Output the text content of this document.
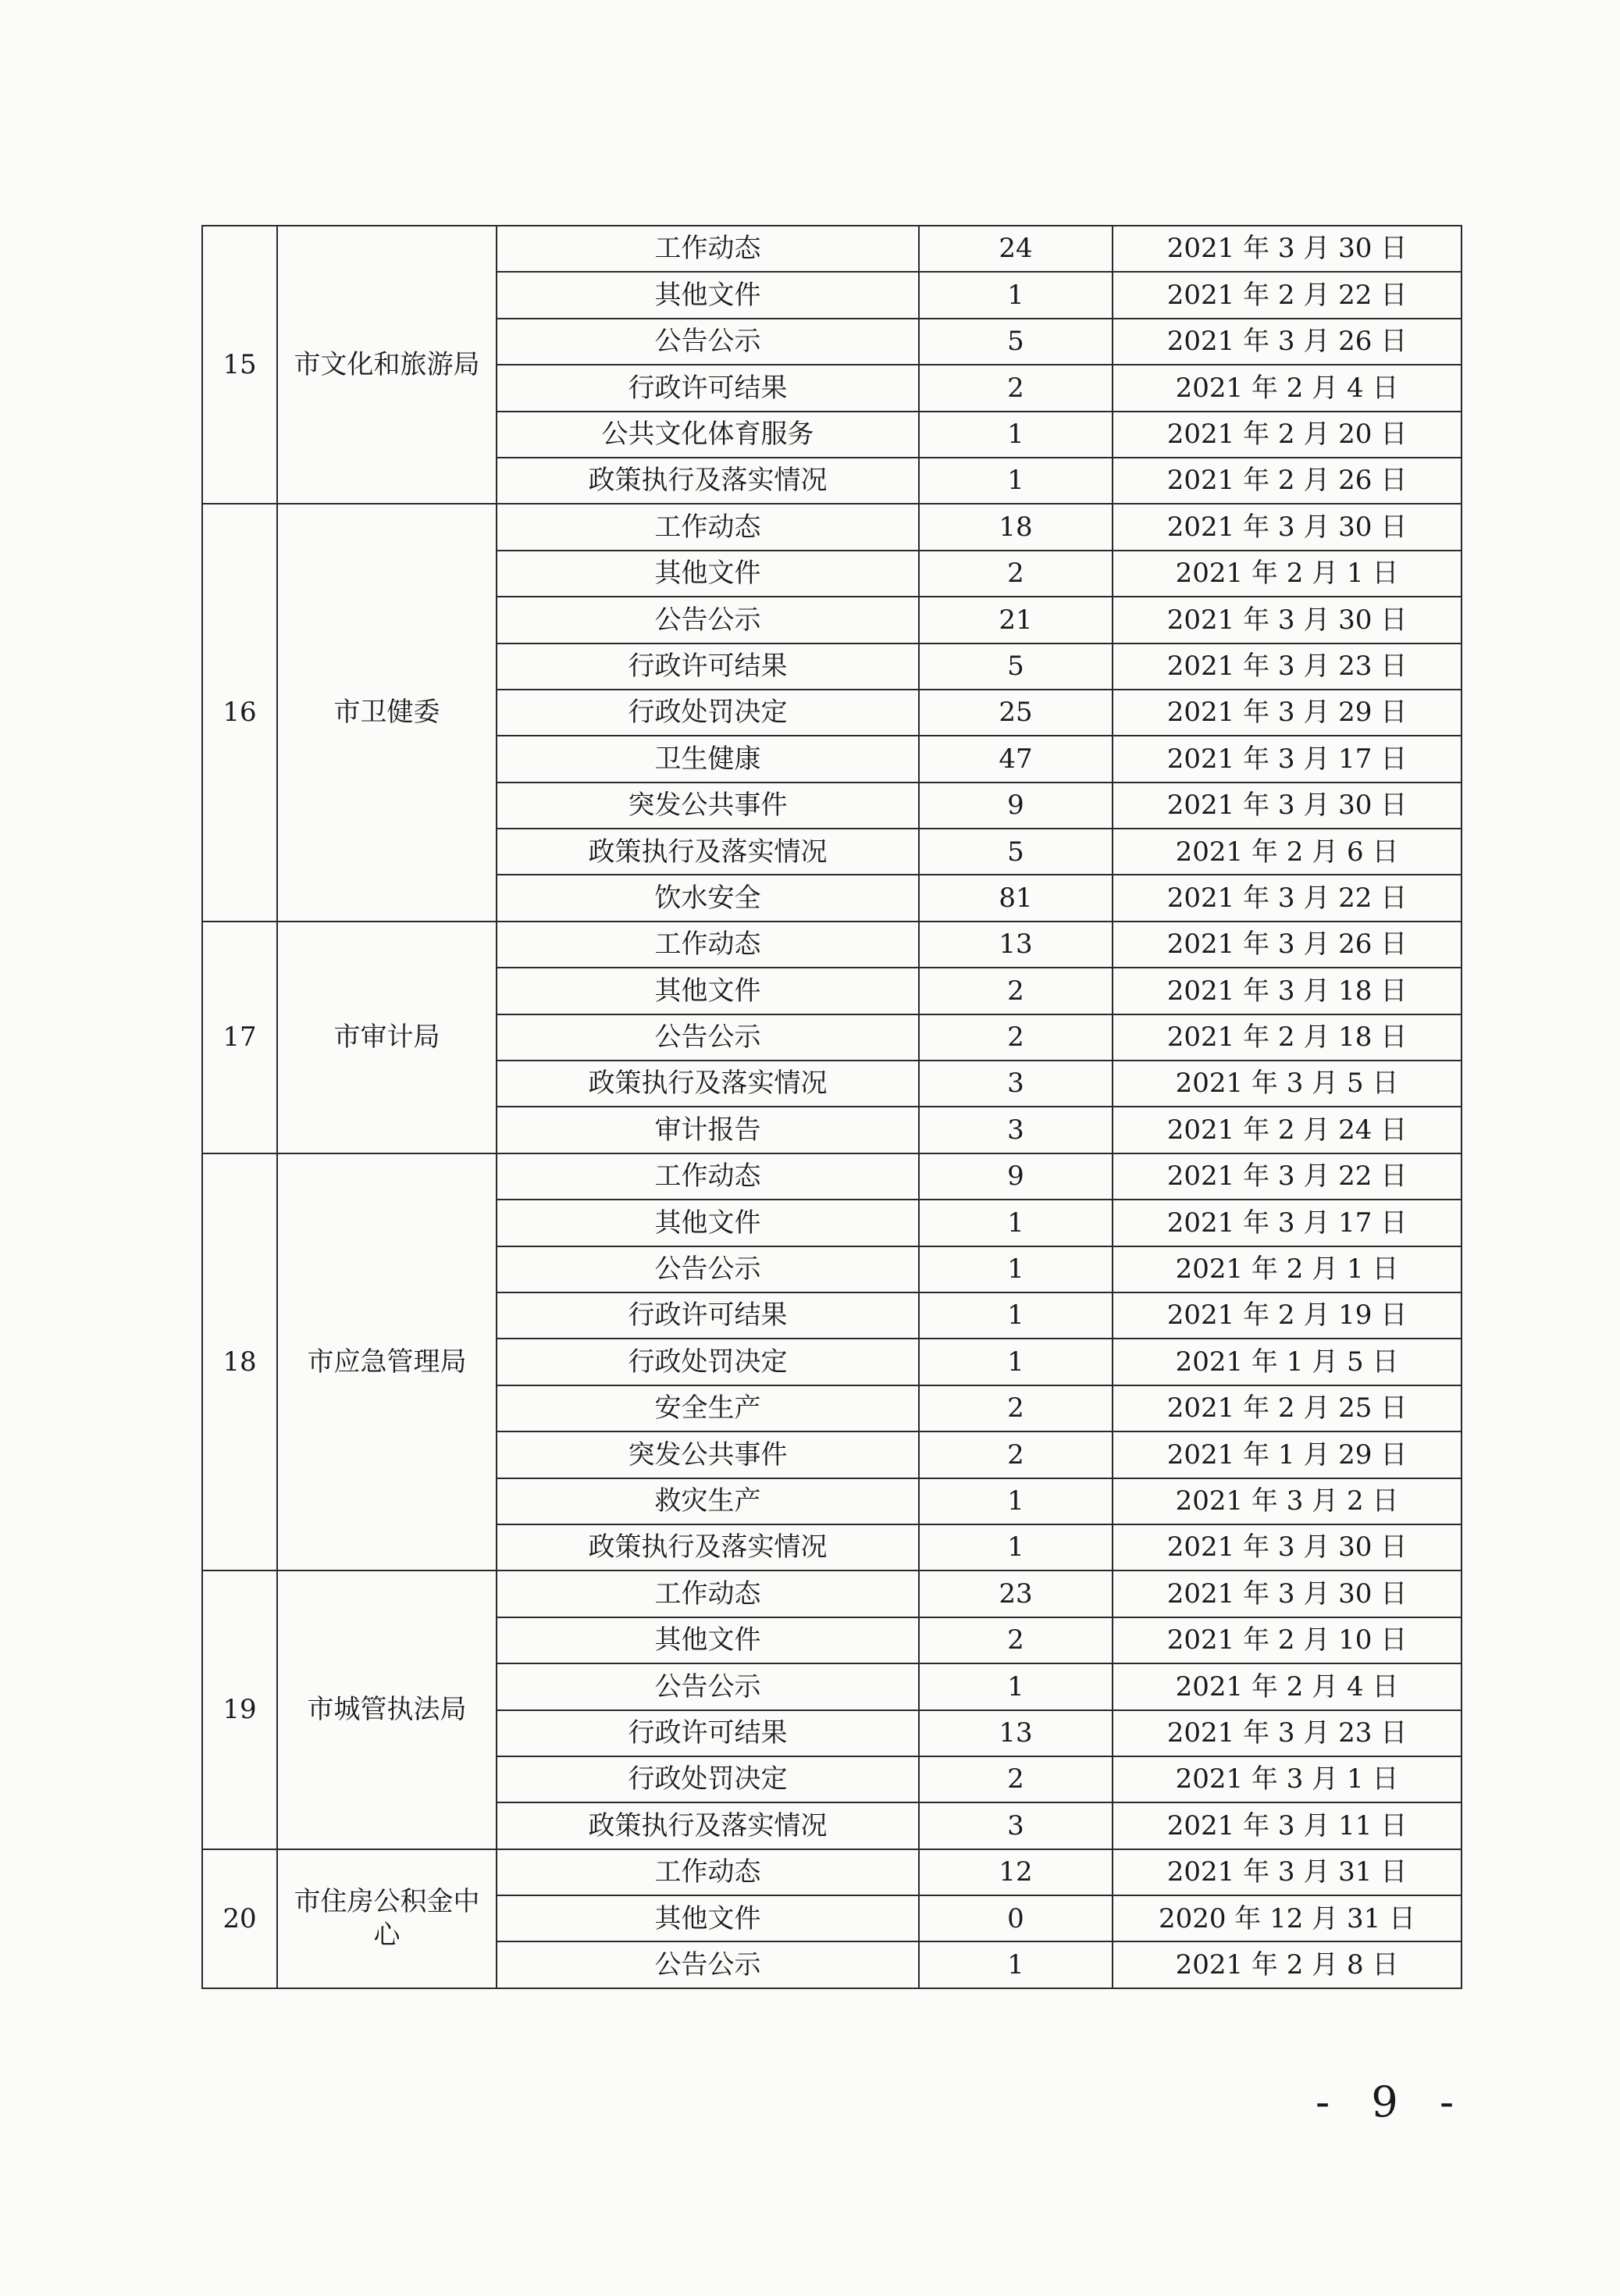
15	市文化和旅游局	工作动态	24	2021 年 3 月 30 日
		其他文件	1	2021 年 2 月 22 日
		公告公示	5	2021 年 3 月 26 日
		行政许可结果	2	2021 年 2 月 4 日
		公共文化体育服务	1	2021 年 2 月 20 日
		政策执行及落实情况	1	2021 年 2 月 26 日
16	市卫健委	工作动态	18	2021 年 3 月 30 日
		其他文件	2	2021 年 2 月 1 日
		公告公示	21	2021 年 3 月 30 日
		行政许可结果	5	2021 年 3 月 23 日
		行政处罚决定	25	2021 年 3 月 29 日
		卫生健康	47	2021 年 3 月 17 日
		突发公共事件	9	2021 年 3 月 30 日
		政策执行及落实情况	5	2021 年 2 月 6 日
		饮水安全	81	2021 年 3 月 22 日
17	市审计局	工作动态	13	2021 年 3 月 26 日
		其他文件	2	2021 年 3 月 18 日
		公告公示	2	2021 年 2 月 18 日
		政策执行及落实情况	3	2021 年 3 月 5 日
		审计报告	3	2021 年 2 月 24 日
18	市应急管理局	工作动态	9	2021 年 3 月 22 日
		其他文件	1	2021 年 3 月 17 日
		公告公示	1	2021 年 2 月 1 日
		行政许可结果	1	2021 年 2 月 19 日
		行政处罚决定	1	2021 年 1 月 5 日
		安全生产	2	2021 年 2 月 25 日
		突发公共事件	2	2021 年 1 月 29 日
		救灾生产	1	2021 年 3 月 2 日
		政策执行及落实情况	1	2021 年 3 月 30 日
19	市城管执法局	工作动态	23	2021 年 3 月 30 日
		其他文件	2	2021 年 2 月 10 日
		公告公示	1	2021 年 2 月 4 日
		行政许可结果	13	2021 年 3 月 23 日
		行政处罚决定	2	2021 年 3 月 1 日
		政策执行及落实情况	3	2021 年 3 月 11 日
20	市住房公积金中心	工作动态	12	2021 年 3 月 31 日
		其他文件	0	2020 年 12 月 31 日
		公告公示	1	2021 年 2 月 8 日
- 9 -
